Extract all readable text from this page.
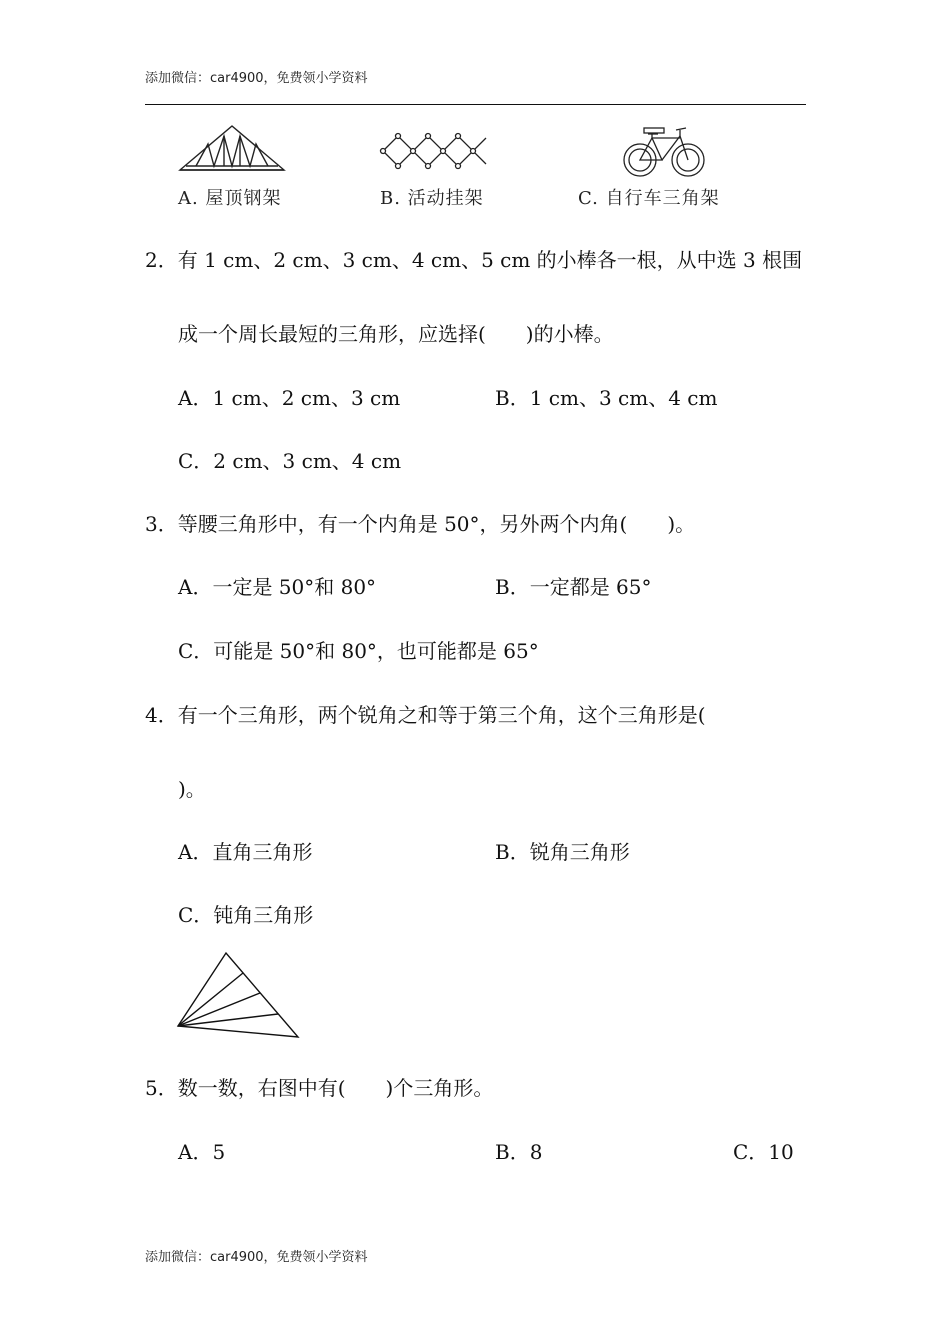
添加微信：car4900，免费领小学资料
A. 屋顶钢架	B. 活动挂架	C. 自行车三角架
2．有 1 cm、2 cm、3 cm、4 cm、5 cm 的小棒各一根，从中选 3 根围
成一个周长最短的三角形，应选择(　　)的小棒。
A．1 cm、2 cm、3 cm	B．1 cm、3 cm、4 cm
C．2 cm、3 cm、4 cm
3．等腰三角形中，有一个内角是 50°，另外两个内角(　　)。
A．一定是 50°和 80°	B．一定都是 65°
C．可能是 50°和 80°，也可能都是 65°
4．有一个三角形，两个锐角之和等于第三个角，这个三角形是(
)。
A．直角三角形	B．锐角三角形
C．钝角三角形
5．数一数，右图中有(　　)个三角形。
A．5	B．8	C．10
添加微信：car4900，免费领小学资料
